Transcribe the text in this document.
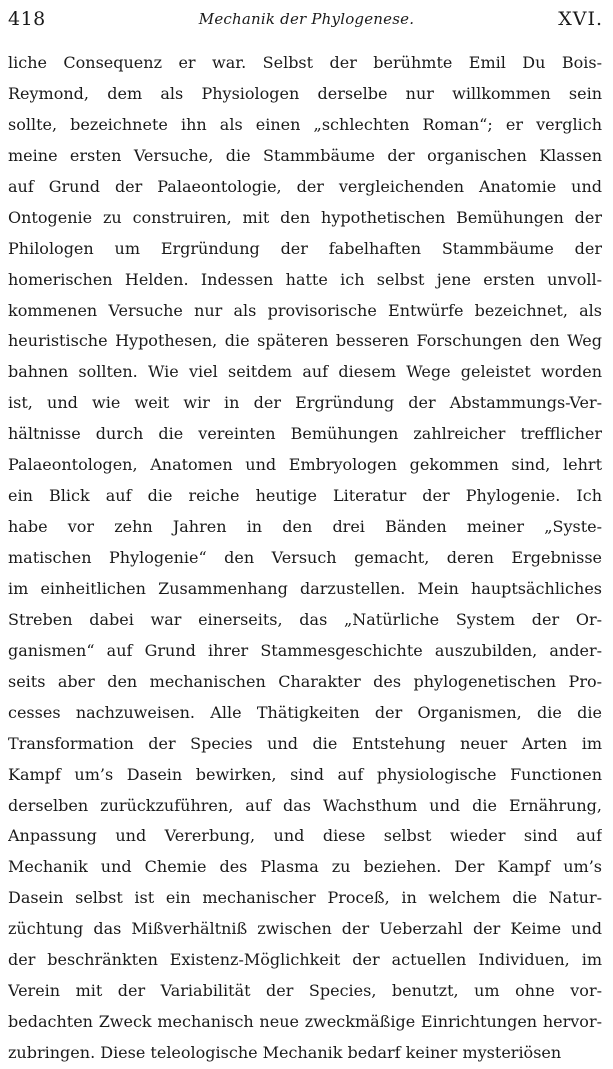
418	Mechanik der Phylogenese.	XVI.
liche Consequenz er war. Selbst der berühmte Emil Du Bois-
Reymond, dem als Physiologen derselbe nur willkommen sein
sollte, bezeichnete ihn als einen „schlechten Roman“; er verglich
meine ersten Versuche, die Stammbäume der organischen Klassen
auf Grund der Palaeontologie, der vergleichenden Anatomie und
Ontogenie zu construiren, mit den hypothetischen Bemühungen der
Philologen um Ergründung der fabelhaften Stammbäume der
homerischen Helden. Indessen hatte ich selbst jene ersten unvoll-
kommenen Versuche nur als provisorische Entwürfe bezeichnet, als
heuristische Hypothesen, die späteren besseren Forschungen den Weg
bahnen sollten. Wie viel seitdem auf diesem Wege geleistet worden
ist, und wie weit wir in der Ergründung der Abstammungs-Ver-
hältnisse durch die vereinten Bemühungen zahlreicher trefflicher
Palaeontologen, Anatomen und Embryologen gekommen sind, lehrt
ein Blick auf die reiche heutige Literatur der Phylogenie. Ich
habe vor zehn Jahren in den drei Bänden meiner „Syste-
matischen Phylogenie“ den Versuch gemacht, deren Ergebnisse
im einheitlichen Zusammenhang darzustellen. Mein hauptsächliches
Streben dabei war einerseits, das „Natürliche System der Or-
ganismen“ auf Grund ihrer Stammesgeschichte auszubilden, ander-
seits aber den mechanischen Charakter des phylogenetischen Pro-
cesses nachzuweisen. Alle Thätigkeiten der Organismen, die die
Transformation der Species und die Entstehung neuer Arten im
Kampf um’s Dasein bewirken, sind auf physiologische Functionen
derselben zurückzuführen, auf das Wachsthum und die Ernährung,
Anpassung und Vererbung, und diese selbst wieder sind auf
Mechanik und Chemie des Plasma zu beziehen. Der Kampf um’s
Dasein selbst ist ein mechanischer Proceß, in welchem die Natur-
züchtung das Mißverhältniß zwischen der Ueberzahl der Keime und
der beschränkten Existenz-Möglichkeit der actuellen Individuen, im
Verein mit der Variabilität der Species, benutzt, um ohne vor-
bedachten Zweck mechanisch neue zweckmäßige Einrichtungen hervor-
zubringen. Diese teleologische Mechanik bedarf keiner mysteriösen
